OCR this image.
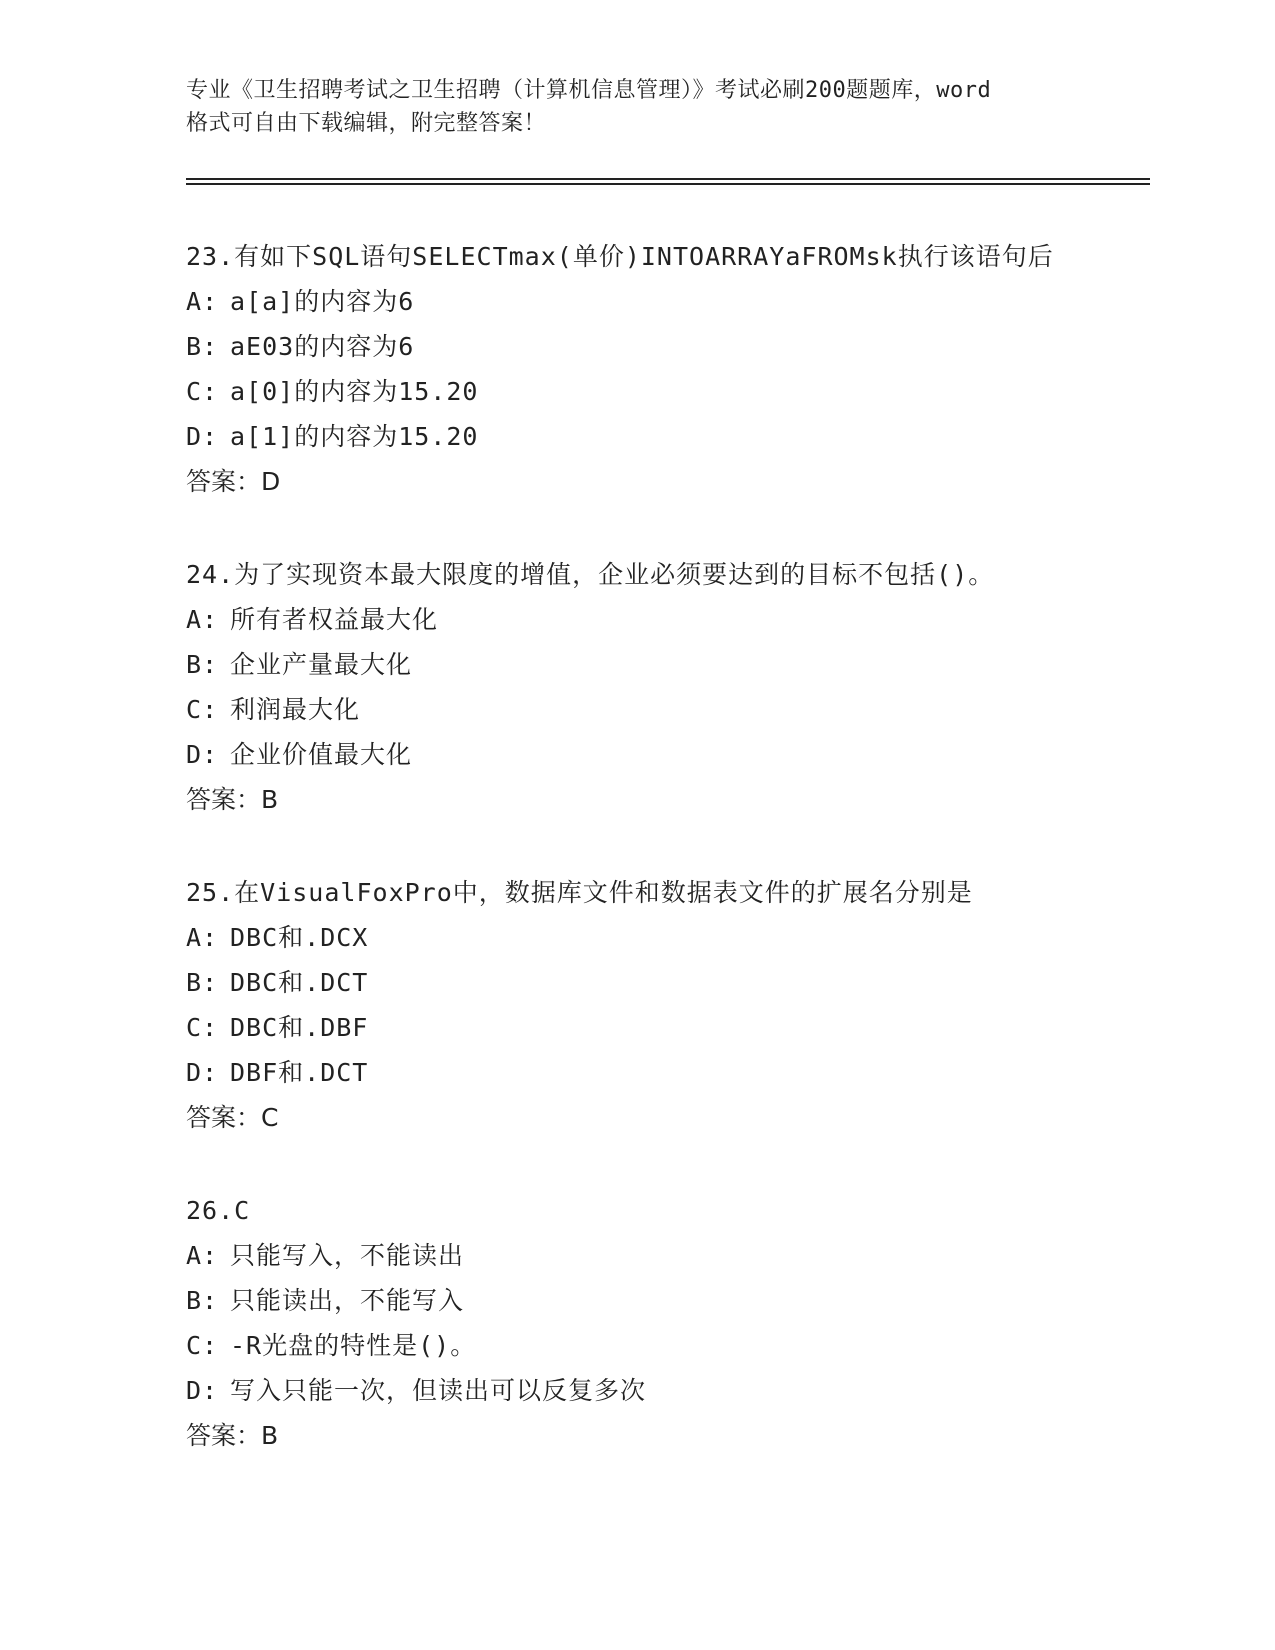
专业《卫生招聘考试之卫生招聘（计算机信息管理）》考试必刷200题题库，word
格式可自由下载编辑，附完整答案！
23.有如下SQL语句SELECTmax(单价)INTOARRAYaFROMsk执行该语句后
A: a[a]的内容为6
B: aE03的内容为6
C: a[0]的内容为15.20
D: a[1]的内容为15.20
答案：D
24.为了实现资本最大限度的增值，企业必须要达到的目标不包括()。
A: 所有者权益最大化
B: 企业产量最大化
C: 利润最大化
D: 企业价值最大化
答案：B
25.在VisualFoxPro中，数据库文件和数据表文件的扩展名分别是
A: DBC和.DCX
B: DBC和.DCT
C: DBC和.DBF
D: DBF和.DCT
答案：C
26.C
A: 只能写入，不能读出
B: 只能读出，不能写入
C: -R光盘的特性是()。
D: 写入只能一次，但读出可以反复多次
答案：B
